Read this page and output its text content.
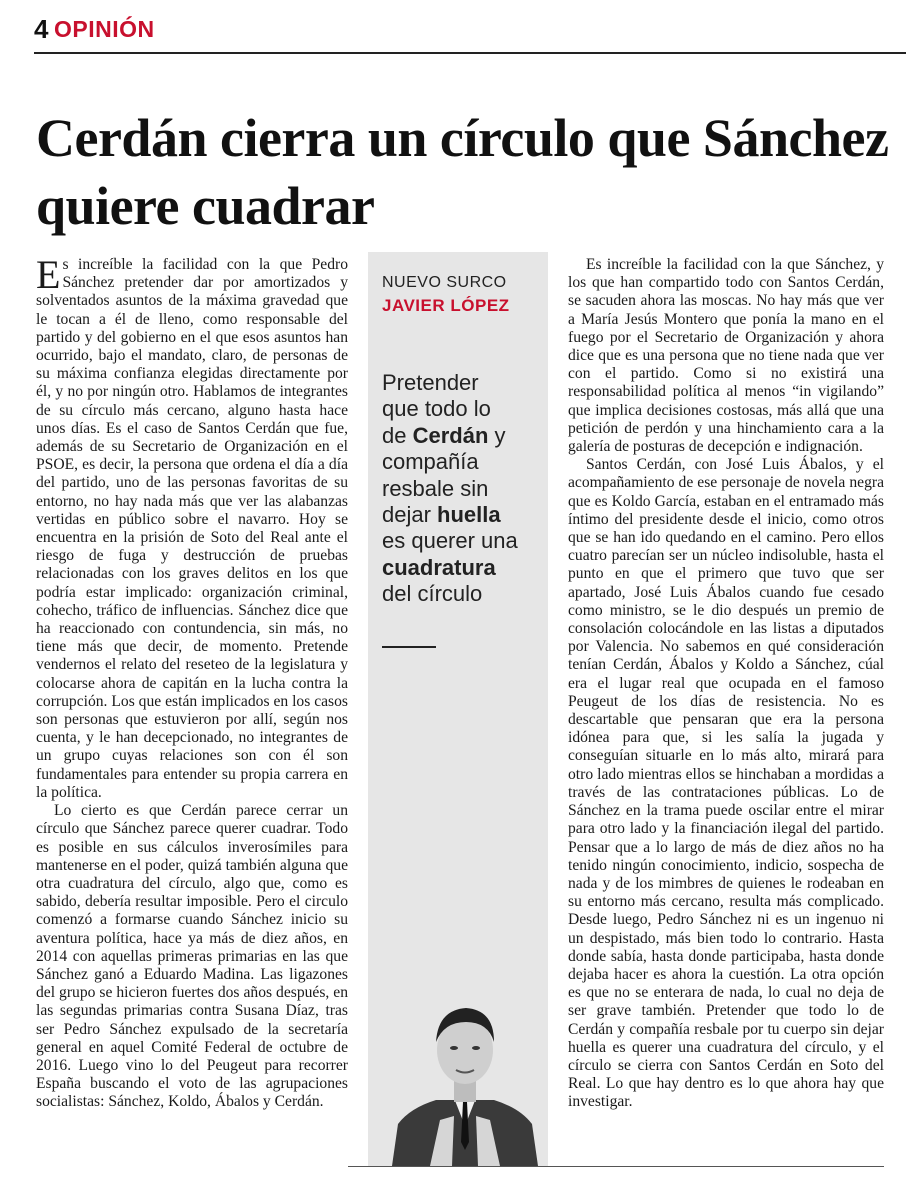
4 OPINIÓN
Cerdán cierra un círculo que Sánchez quiere cuadrar

Es increíble la facilidad con la que Pedro Sánchez pretender dar por amortizados y solventados asuntos de la máxima gravedad que le tocan a él de lleno, como responsable del partido y del gobierno en el que esos asuntos han ocurrido, bajo el mandato, claro, de personas de su máxima confianza elegidas directamente por él, y no por ningún otro. Hablamos de integrantes de su círculo más cercano, alguno hasta hace unos días. Es el caso de Santos Cerdán que fue, además de su Secretario de Organización en el PSOE, es decir, la persona que ordena el día a día del partido, uno de las personas favoritas de su entorno, no hay nada más que ver las alabanzas vertidas en público sobre el navarro. Hoy se encuentra en la prisión de Soto del Real ante el riesgo de fuga y destrucción de pruebas relacionadas con los graves delitos en los que podría estar implicado: organización criminal, cohecho, tráfico de influencias. Sánchez dice que ha reaccionado con contundencia, sin más, no tiene más que decir, de momento. Pretende vendernos el relato del reseteo de la legislatura y colocarse ahora de capitán en la lucha contra la corrupción. Los que están implicados en los casos son personas que estuvieron por allí, según nos cuenta, y le han decepcionado, no integrantes de un grupo cuyas relaciones son con él son fundamentales para entender su propia carrera en la política.

Lo cierto es que Cerdán parece cerrar un círculo que Sánchez parece querer cuadrar. Todo es posible en sus cálculos inverosímiles para mantenerse en el poder, quizá también alguna que otra cuadratura del círculo, algo que, como es sabido, debería resultar imposible. Pero el circulo comenzó a formarse cuando Sánchez inicio su aventura política, hace ya más de diez años, en 2014 con aquellas primeras primarias en las que Sánchez ganó a Eduardo Madina. Las ligazones del grupo se hicieron fuertes dos años después, en las segundas primarias contra Susana Díaz, tras ser Pedro Sánchez expulsado de la secretaría general en aquel Comité Federal de octubre de 2016. Luego vino lo del Peugeut para recorrer España buscando el voto de las agrupaciones socialistas: Sánchez, Koldo, Ábalos y Cerdán.

NUEVO SURCO
JAVIER LÓPEZ
Pretender
que todo lo
de Cerdán y
compañía
resbale sin
dejar huella
es querer una
cuadratura
del círculo

Es increíble la facilidad con la que Sánchez, y los que han compartido todo con Santos Cerdán, se sacuden ahora las moscas. No hay más que ver a María Jesús Montero que ponía la mano en el fuego por el Secretario de Organización y ahora dice que es una persona que no tiene nada que ver con el partido. Como si no existirá una responsabilidad política al menos “in vigilando” que implica decisiones costosas, más allá que una petición de perdón y una hinchamiento cara a la galería de posturas de decepción e indignación.

Santos Cerdán, con José Luis Ábalos, y el acompañamiento de ese personaje de novela negra que es Koldo García, estaban en el entramado más íntimo del presidente desde el inicio, como otros que se han ido quedando en el camino. Pero ellos cuatro parecían ser un núcleo indisoluble, hasta el punto en que el primero que tuvo que ser apartado, José Luis Ábalos cuando fue cesado como ministro, se le dio después un premio de consolación colocándole en las listas a diputados por Valencia. No sabemos en qué consideración tenían Cerdán, Ábalos y Koldo a Sánchez, cúal era el lugar real que ocupada en el famoso Peugeut de los días de resistencia. No es descartable que pensaran que era la persona idónea para que, si les salía la jugada y conseguían situarle en lo más alto, mirará para otro lado mientras ellos se hinchaban a mordidas a través de las contrataciones públicas. Lo de Sánchez en la trama puede oscilar entre el mirar para otro lado y la financiación ilegal del partido. Pensar que a lo largo de más de diez años no ha tenido ningún conocimiento, indicio, sospecha de nada y de los mimbres de quienes le rodeaban en su entorno más cercano, resulta más complicado. Desde luego, Pedro Sánchez ni es un ingenuo ni un despistado, más bien todo lo contrario. Hasta donde sabía, hasta donde participaba, hasta donde dejaba hacer es ahora la cuestión. La otra opción es que no se enterara de nada, lo cual no deja de ser grave también. Pretender que todo lo de Cerdán y compañía resbale por tu cuerpo sin dejar huella es querer una cuadratura del círculo, y el círculo se cierra con Santos Cerdán en Soto del Real. Lo que hay dentro es lo que ahora hay que investigar.
